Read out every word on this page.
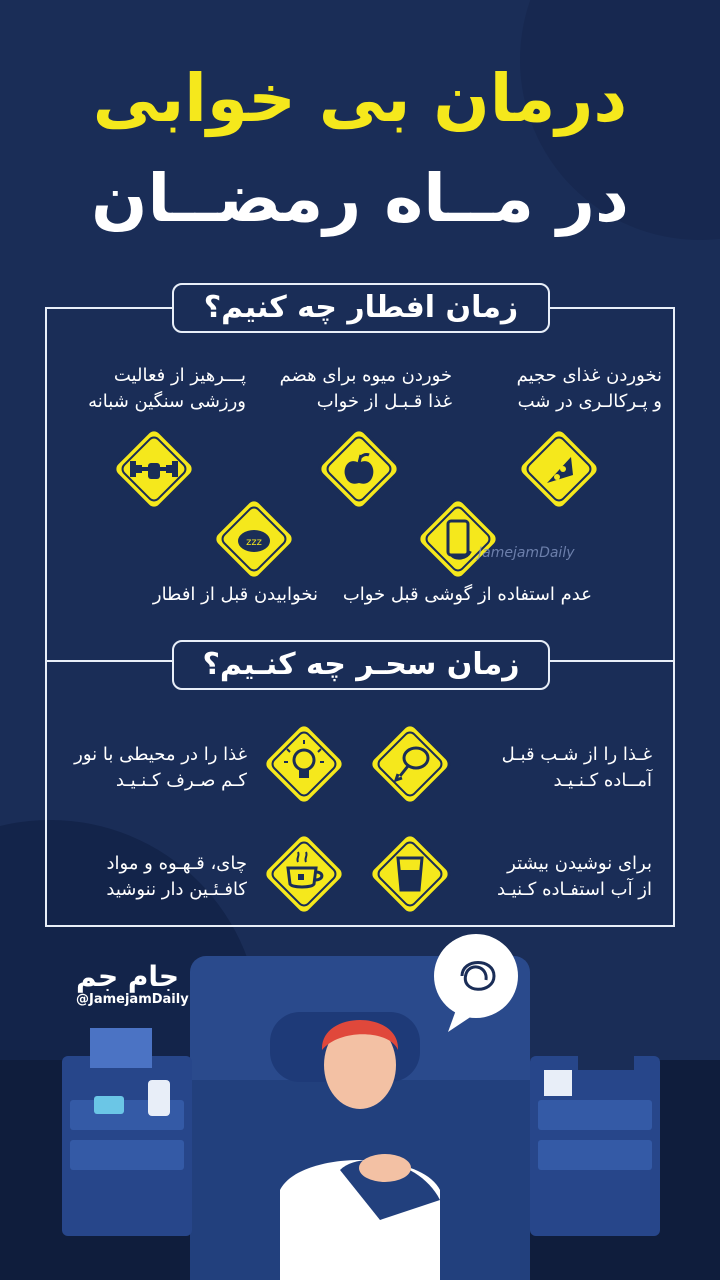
درمان بی خوابی
در مــاه رمضــان
زمان افطار چه کنیم؟
زمان سحـر چه کنـیم؟
نخوردن غذای حجیم
و پـرکالـری در شب
خوردن میوه برای هضم
غذا قـبـل از خواب
پـــرهیز از فعالیت
ورزشی سنگین شبانه
عدم استفاده از گوشی قبل خواب
نخوابیدن قبل از افطار
zzz
JamejamDaily
غـذا را از شـب قبـل
آمــاده کـنـیـد
غذا را در محیطی با نور
کـم صـرف کـنـیـد
برای نوشیدن بیشتر
از آب استفـاده کـنیـد
چای، قـهـوه و مواد
کافـئـین دار ننوشید
جام جم
@JamejamDaily
